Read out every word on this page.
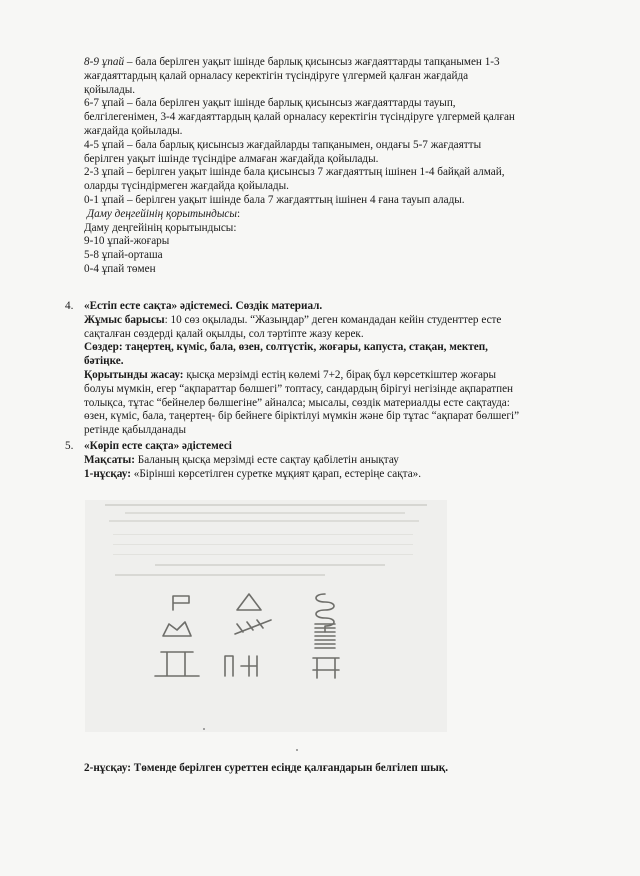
8-9 ұпай – бала берілген уақыт ішінде барлық қисынсыз жағдаяттарды тапқанымен 1-3

жағдаяттардың қалай орналасу керектігін түсіндіруге үлгермей қалған жағдайда

қойылады.

6-7 ұпай – бала берілген уақыт ішінде барлық қисынсыз жағдаяттарды тауып,

белгілегенімен, 3-4 жағдаяттардың қалай орналасу керектігін түсіндіруге үлгермей қалған

жағдайда қойылады.

4-5 ұпай – бала барлық қисынсыз жағдайларды тапқанымен, ондағы 5-7 жағдаятты

берілген уақыт ішінде түсіндіре алмаған жағдайда қойылады.

2-3 ұпай – берілген уақыт ішінде бала қисынсыз 7 жағдаяттың ішінен 1-4 байқай алмай,

оларды түсіндірмеген жағдайда қойылады.

0-1 ұпай – берілген уақыт ішінде бала 7 жағдаяттың ішінен 4 ғана тауып алады.

Даму деңгейінің қорытындысы:

Даму деңгейінің қорытындысы:

9-10 ұпай-жоғары

5-8 ұпай-орташа

0-4 ұпай төмен

4. «Естіп есте сақта» әдістемесі. Сөздік материал.

Жұмыс барысы: 10 сөз оқылады. “Жазыңдар” деген командадан кейін студенттер есте

сақталған сөздерді қалай оқылды, сол тәртіпте жазу керек.

Сөздер: таңертең, күміс, бала, өзен, солтүстік, жоғары, капуста, стақан, мектеп,

бәтіңке.

Қорытынды жасау: қысқа мерзімді естің көлемі 7+2, бірақ бұл көрсеткіштер жоғары

болуы мүмкін, егер “ақпараттар бөлшегі” топтасу, сандардың бірігуі негізінде ақпаратпен

толықса, тұтас “бейнелер бөлшегіне” айналса; мысалы, сөздік материалды есте сақтауда:

өзен, күміс, бала, таңертең- бір бейнеге біріктілуі мүмкін және бір тұтас “ақпарат бөлшегі”

ретінде қабылданады

5. «Көріп есте сақта» әдістемесі

Мақсаты: Баланың қысқа мерзімді есте сақтау қабілетін анықтау

1-нұсқау: «Бірінші көрсетілген суретке мұқият қарап, естеріңе сақта».

2-нұсқау: Төменде берілген суреттен есіңде қалғандарын белгілеп шық.
